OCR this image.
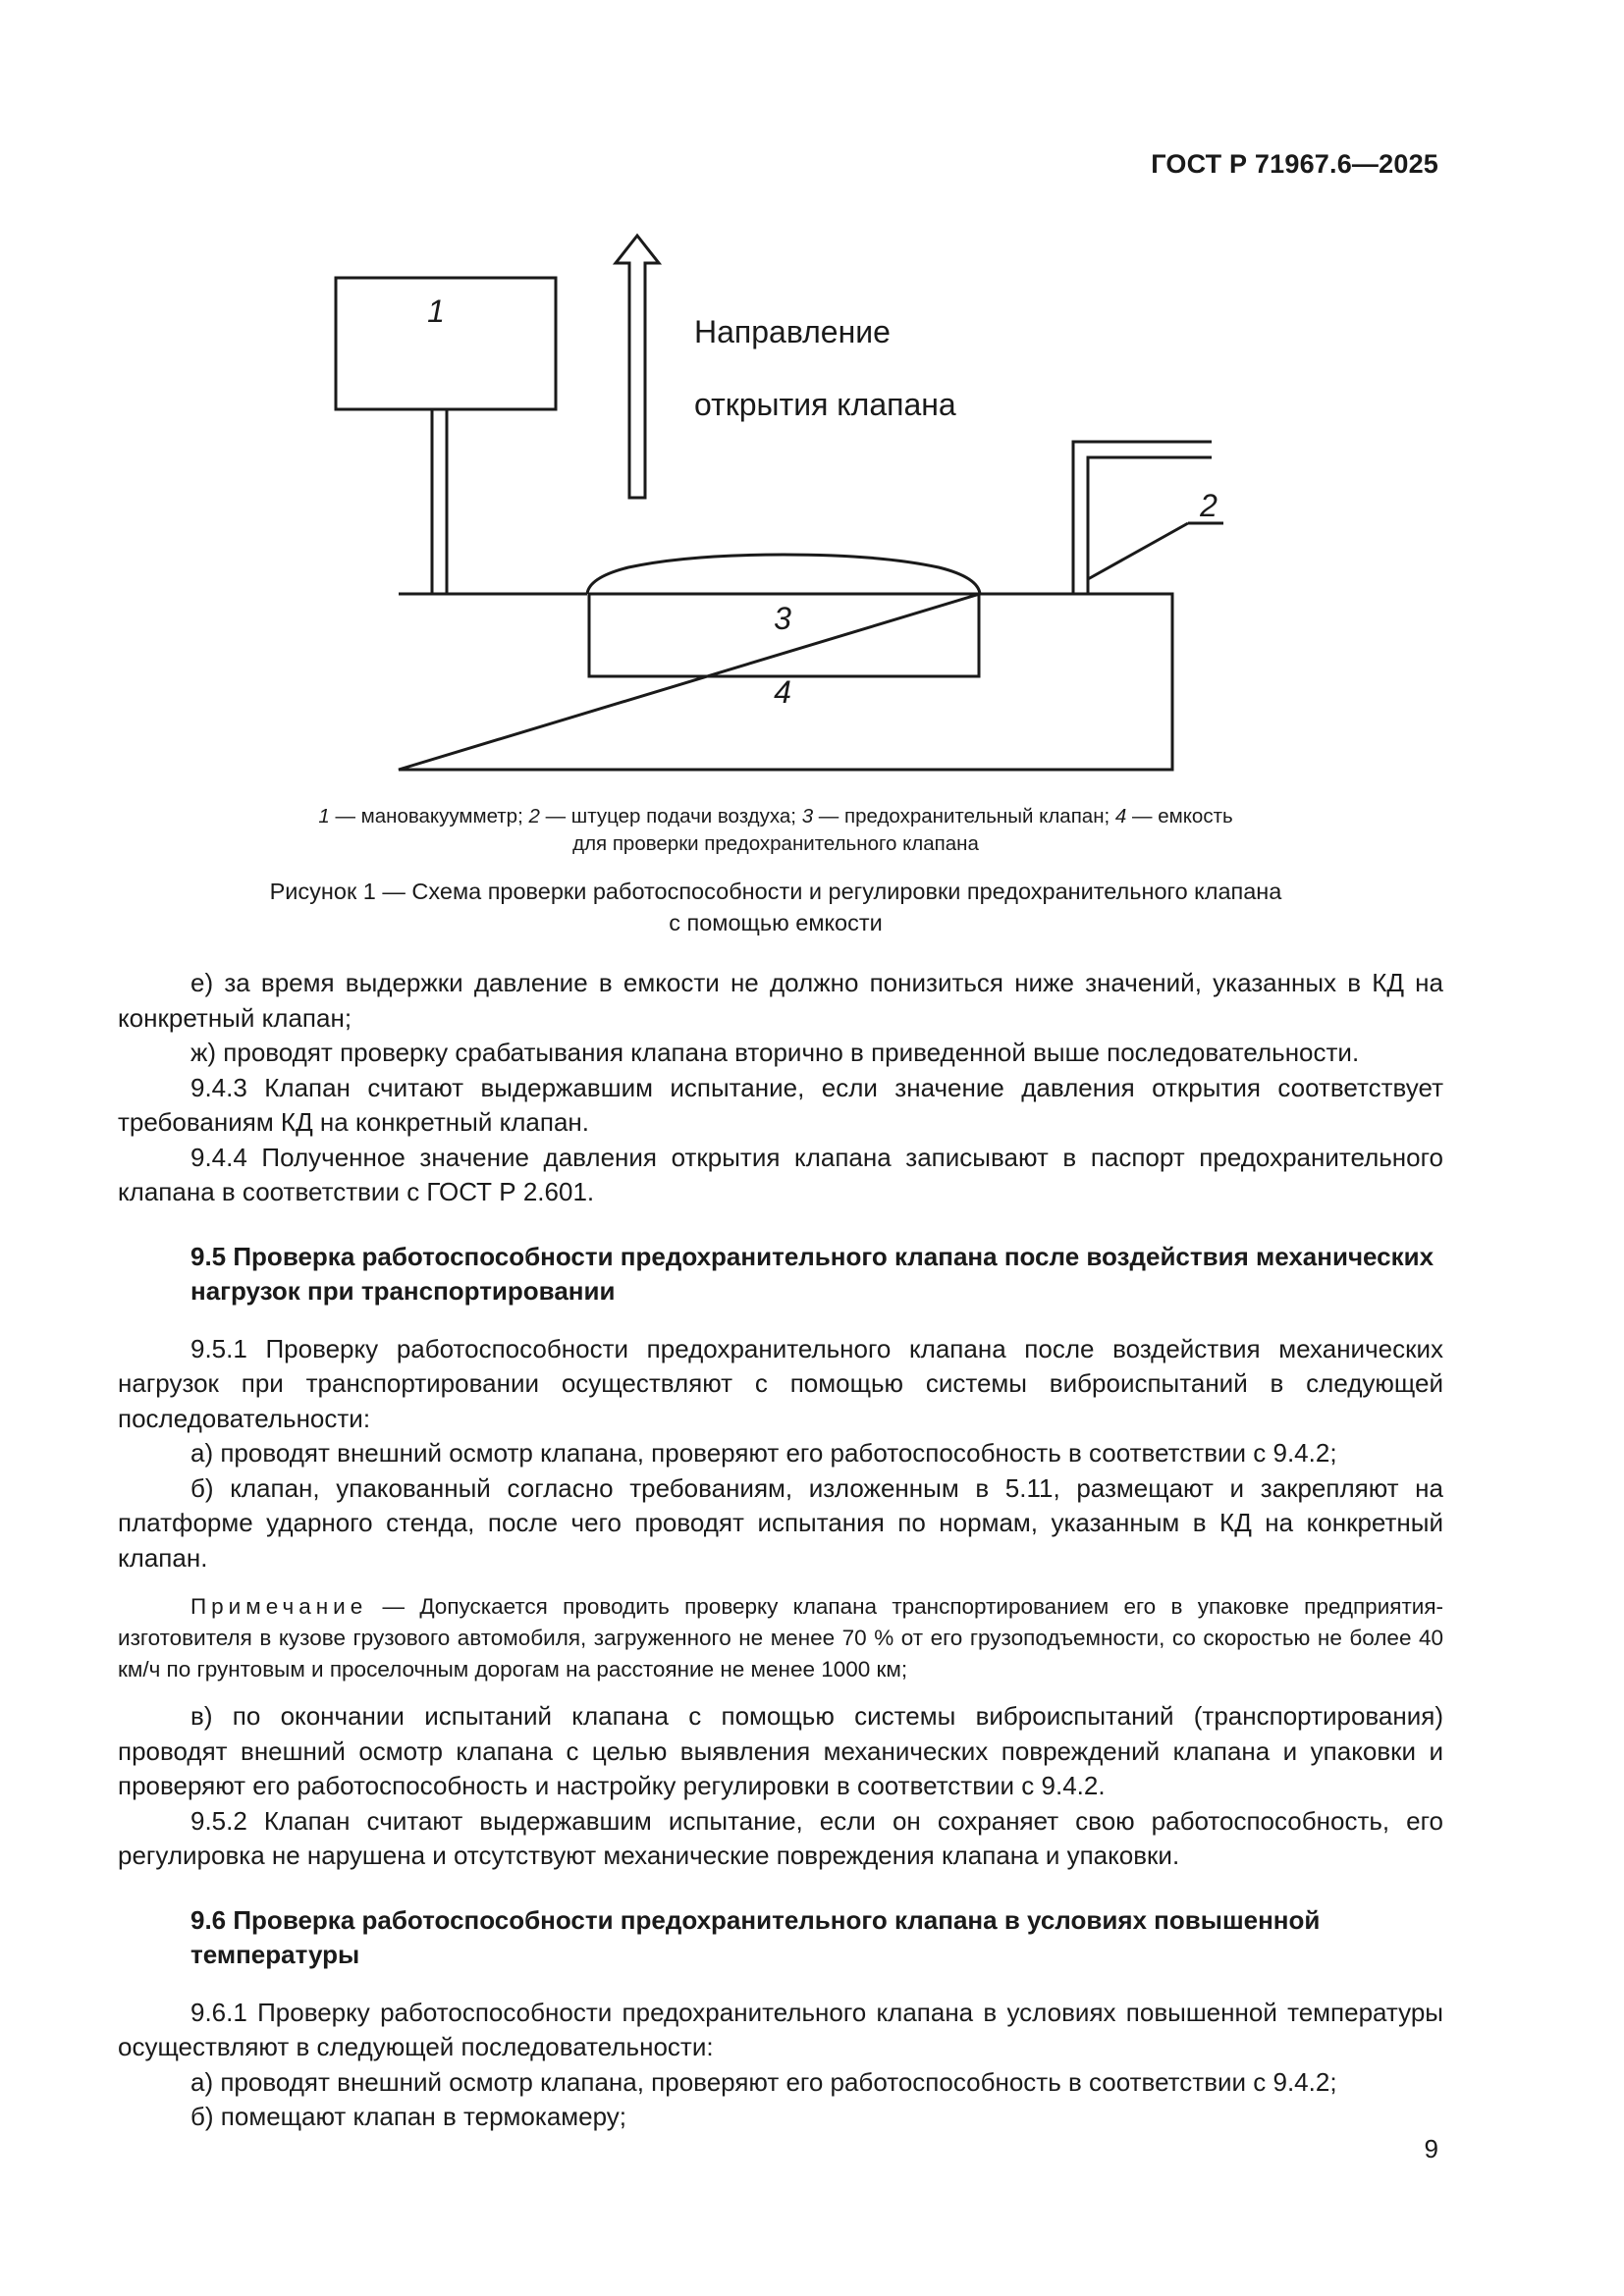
ГОСТ Р 71967.6—2025
1
2
3
4
Направление
открытия клапана
1 — мановакуумметр; 2 — штуцер подачи воздуха; 3 — предохранительный клапан; 4 — емкость
для проверки предохранительного клапана
Рисунок 1 — Схема проверки работоспособности и регулировки предохранительного клапана
с помощью емкости

е) за время выдержки давление в емкости не должно понизиться ниже значений, указанных в КД на конкретный клапан;

ж) проводят проверку срабатывания клапана вторично в приведенной выше последовательности.

9.4.3 Клапан считают выдержавшим испытание, если значение давления открытия соответствует требованиям КД на конкретный клапан.

9.4.4 Полученное значение давления открытия клапана записывают в паспорт предохранительного клапана в соответствии с ГОСТ Р 2.601.

9.5 Проверка работоспособности предохранительного клапана после воздействия механических нагрузок при транспортировании

9.5.1 Проверку работоспособности предохранительного клапана после воздействия механических нагрузок при транспортировании осуществляют с помощью системы виброиспытаний в следующей последовательности:

а) проводят внешний осмотр клапана, проверяют его работоспособность в соответствии с 9.4.2;

б) клапан, упакованный согласно требованиям, изложенным в 5.11, размещают и закрепляют на платформе ударного стенда, после чего проводят испытания по нормам, указанным в КД на конкретный клапан.

Примечание — Допускается проводить проверку клапана транспортированием его в упаковке предприятия-изготовителя в кузове грузового автомобиля, загруженного не менее 70 % от его грузоподъемности, со скоростью не более 40 км/ч по грунтовым и проселочным дорогам на расстояние не менее 1000 км;

в) по окончании испытаний клапана с помощью системы виброиспытаний (транспортирования) проводят внешний осмотр клапана с целью выявления механических повреждений клапана и упаковки и проверяют его работоспособность и настройку регулировки в соответствии с 9.4.2.

9.5.2 Клапан считают выдержавшим испытание, если он сохраняет свою работоспособность, его регулировка не нарушена и отсутствуют механические повреждения клапана и упаковки.

9.6 Проверка работоспособности предохранительного клапана в условиях повышенной температуры

9.6.1 Проверку работоспособности предохранительного клапана в условиях повышенной температуры осуществляют в следующей последовательности:

а) проводят внешний осмотр клапана, проверяют его работоспособность в соответствии с 9.4.2;

б) помещают клапан в термокамеру;

9
